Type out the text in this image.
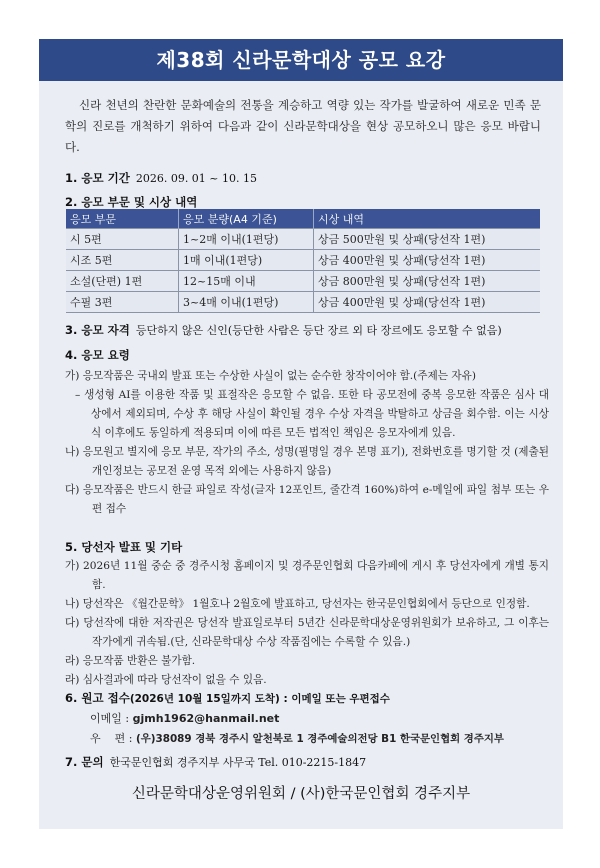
제38회 신라문학대상 공모 요강
신라 천년의 찬란한 문화예술의 전통을 계승하고 역량 있는 작가를 발굴하여 새로운 민족 문학의 진로를 개척하기 위하여 다음과 같이 신라문학대상을 현상 공모하오니 많은 응모 바랍니다.
1. 응모 기간 2026. 09. 01 ~ 10. 15
2. 응모 부문 및 시상 내역
응모 부문	응모 분량(A4 기준)	시상 내역
시 5편	1~2매 이내(1편당)	상금 500만원 및 상패(당선작 1편)
시조 5편	1매 이내(1편당)	상금 400만원 및 상패(당선작 1편)
소설(단편) 1편	12~15매 이내	상금 800만원 및 상패(당선작 1편)
수필 3편	3~4매 이내(1편당)	상금 400만원 및 상패(당선작 1편)
3. 응모 자격 등단하지 않은 신인(등단한 사람은 등단 장르 외 타 장르에도 응모할 수 없음)
4. 응모 요령
가) 응모작품은 국내외 발표 또는 수상한 사실이 없는 순수한 창작이어야 함.(주제는 자유)
– 생성형 AI를 이용한 작품 및 표절작은 응모할 수 없음. 또한 타 공모전에 중복 응모한 작품은 심사 대상에서 제외되며, 수상 후 해당 사실이 확인될 경우 수상 자격을 박탈하고 상금을 회수함. 이는 시상식 이후에도 동일하게 적용되며 이에 따른 모든 법적인 책임은 응모자에게 있음.
나) 응모원고 별지에 응모 부문, 작가의 주소, 성명(필명일 경우 본명 표기), 전화번호를 명기할 것 (제출된 개인정보는 공모전 운영 목적 외에는 사용하지 않음)
다) 응모작품은 반드시 한글 파일로 작성(글자 12포인트, 줄간격 160%)하여 e-메일에 파일 첨부 또는 우편 접수
5. 당선자 발표 및 기타
가) 2026년 11월 중순 중 경주시청 홈페이지 및 경주문인협회 다음카페에 게시 후 당선자에게 개별 통지함.
나) 당선작은 《월간문학》 1월호나 2월호에 발표하고, 당선자는 한국문인협회에서 등단으로 인정함.
다) 당선작에 대한 저작권은 당선작 발표일로부터 5년간 신라문학대상운영위원회가 보유하고, 그 이후는 작가에게 귀속됨.(단, 신라문학대상 수상 작품집에는 수록할 수 있음.)
라) 응모작품 반환은 불가함.
라) 심사결과에 따라 당선작이 없을 수 있음.
6. 원고 접수(2026년 10월 15일까지 도착) : 이메일 또는 우편접수
이메일 : gjmh1962@hanmail.net
우    편 : (우)38089 경북 경주시 알천북로 1 경주예술의전당 B1 한국문인협회 경주지부
7. 문의 한국문인협회 경주지부 사무국 Tel. 010-2215-1847
신라문학대상운영위원회 / (사)한국문인협회 경주지부
